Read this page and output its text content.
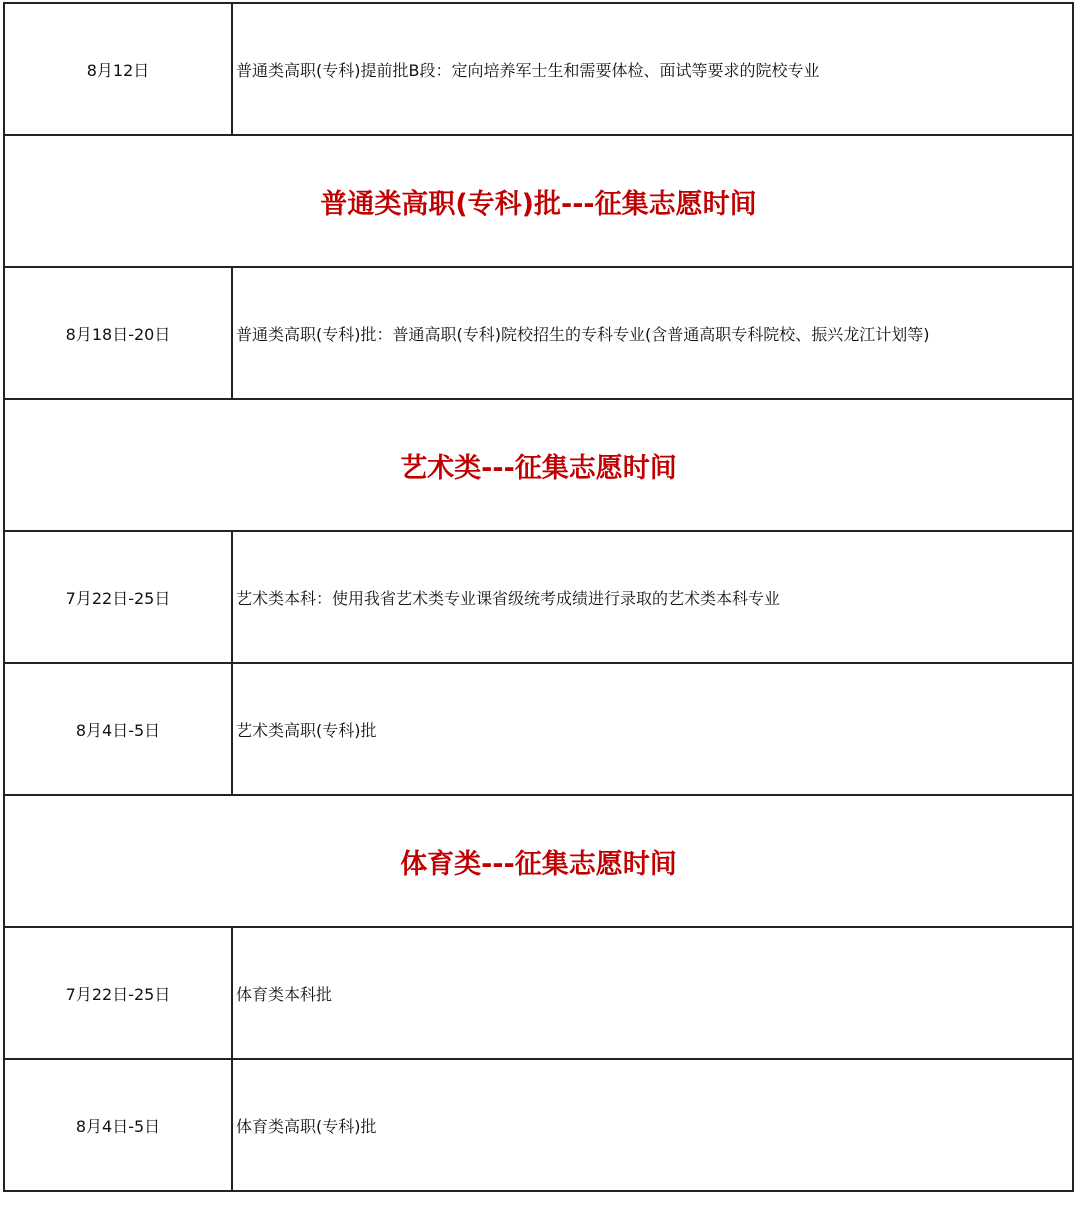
8月12日	普通类高职(专科)提前批B段：定向培养军士生和需要体检、面试等要求的院校专业
普通类高职(专科)批---征集志愿时间	
8月18日-20日	普通类高职(专科)批：普通高职(专科)院校招生的专科专业(含普通高职专科院校、振兴龙江计划等)
艺术类---征集志愿时间	
7月22日-25日	艺术类本科：使用我省艺术类专业课省级统考成绩进行录取的艺术类本科专业
8月4日-5日	艺术类高职(专科)批
体育类---征集志愿时间	
7月22日-25日	体育类本科批
8月4日-5日	体育类高职(专科)批
